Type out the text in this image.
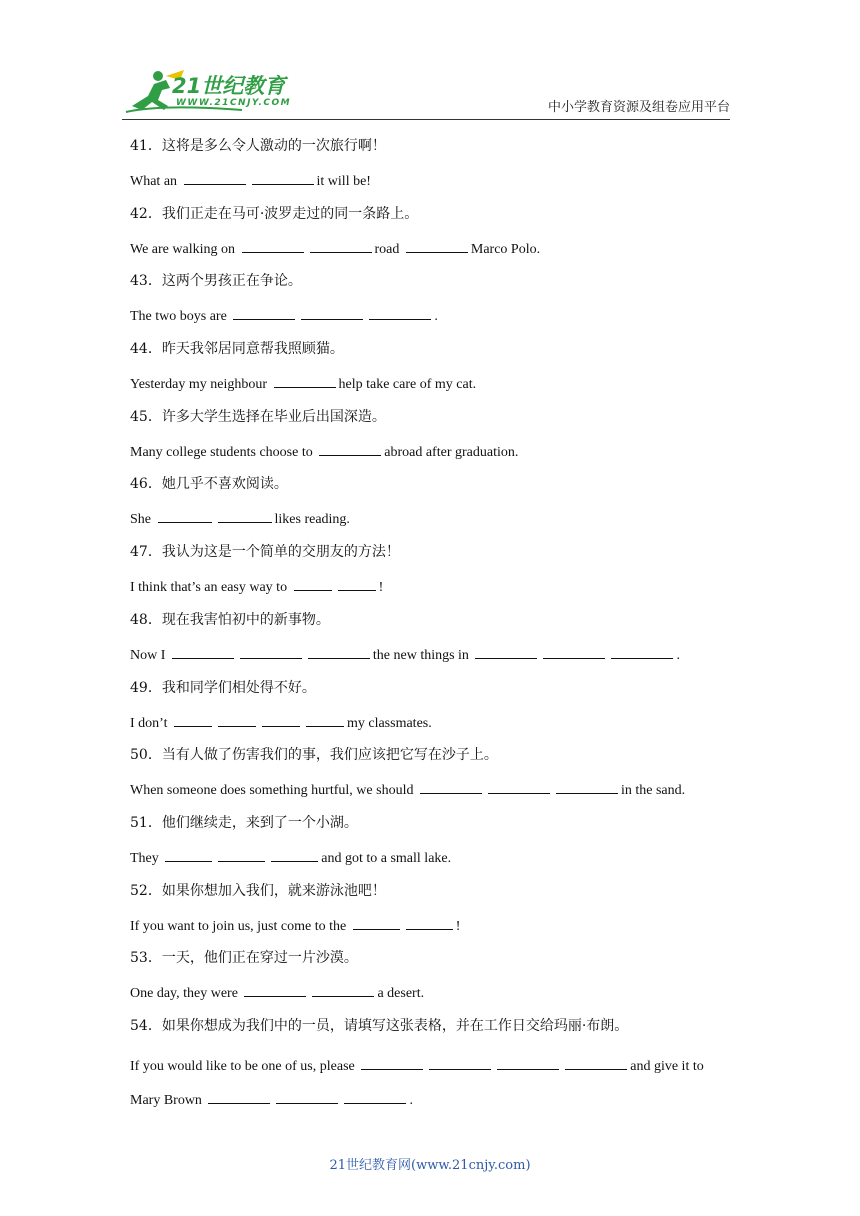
21世纪教育
WWW.21CNJY.COM	中小学教育资源及组卷应用平台
41．这将是多么令人激动的一次旅行啊！
What an	it will be!
42．我们正走在马可·波罗走过的同一条路上。
We are walking on	road	Marco Polo.
43．这两个男孩正在争论。
The two boys are	.
44．昨天我邻居同意帮我照顾猫。
Yesterday my neighbour	help take care of my cat.
45．许多大学生选择在毕业后出国深造。
Many college students choose to	abroad after graduation.
46．她几乎不喜欢阅读。
She	likes reading.
47．我认为这是一个简单的交朋友的方法！
I think that’s an easy way to	!
48．现在我害怕初中的新事物。
Now I	the new things in	.
49．我和同学们相处得不好。
I don’t	my classmates.
50．当有人做了伤害我们的事，我们应该把它写在沙子上。
When someone does something hurtful, we should	in the sand.
51．他们继续走，来到了一个小湖。
They	and got to a small lake.
52．如果你想加入我们，就来游泳池吧！
If you want to join us, just come to the	!
53．一天，他们正在穿过一片沙漠。
One day, they were	a desert.
54．如果你想成为我们中的一员，请填写这张表格，并在工作日交给玛丽·布朗。
If you would like to be one of us, please	and give it to Mary Brown	.
21世纪教育网(www.21cnjy.com)
